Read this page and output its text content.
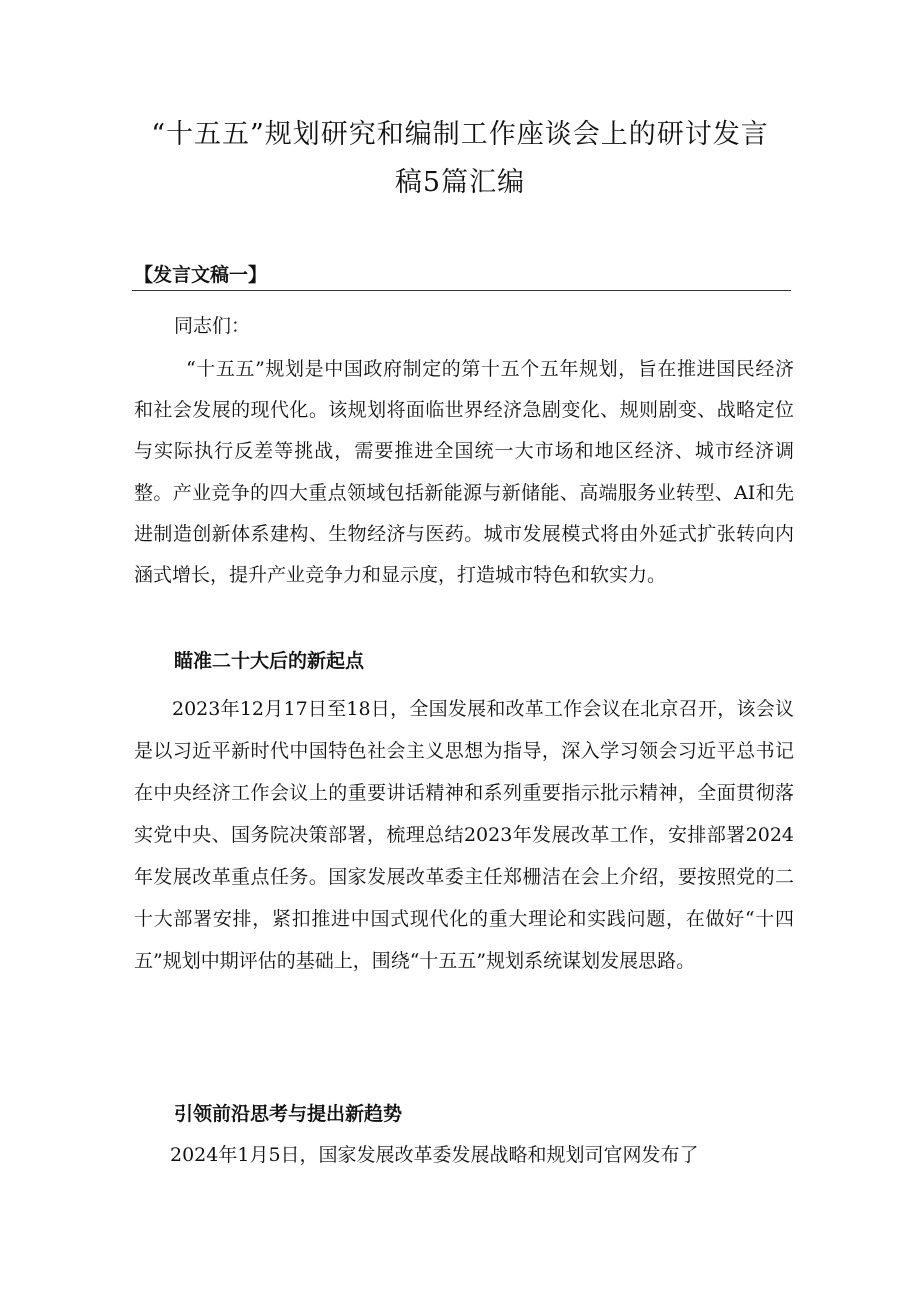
“十五五”规划研究和编制工作座谈会上的研讨发言
稿5篇汇编
【发言文稿一】

同志们：

“十五五”规划是中国政府制定的第十五个五年规划，旨在推进国民经济和社会发展的现代化。该规划将面临世界经济急剧变化、规则剧变、战略定位与实际执行反差等挑战，需要推进全国统一大市场和地区经济、城市经济调整。产业竞争的四大重点领域包括新能源与新储能、高端服务业转型、AI和先进制造创新体系建构、生物经济与医药。城市发展模式将由外延式扩张转向内涵式增长，提升产业竞争力和显示度，打造城市特色和软实力。

瞄准二十大后的新起点

2023年12月17日至18日，全国发展和改革工作会议在北京召开，该会议是以习近平新时代中国特色社会主义思想为指导，深入学习领会习近平总书记在中央经济工作会议上的重要讲话精神和系列重要指示批示精神，全面贯彻落实党中央、国务院决策部署，梳理总结2023年发展改革工作，安排部署2024年发展改革重点任务。国家发展改革委主任郑栅洁在会上介绍，要按照党的二十大部署安排，紧扣推进中国式现代化的重大理论和实践问题，在做好“十四五”规划中期评估的基础上，围绕“十五五”规划系统谋划发展思路。

引领前沿思考与提出新趋势

2024年1月5日，国家发展改革委发展战略和规划司官网发布了
